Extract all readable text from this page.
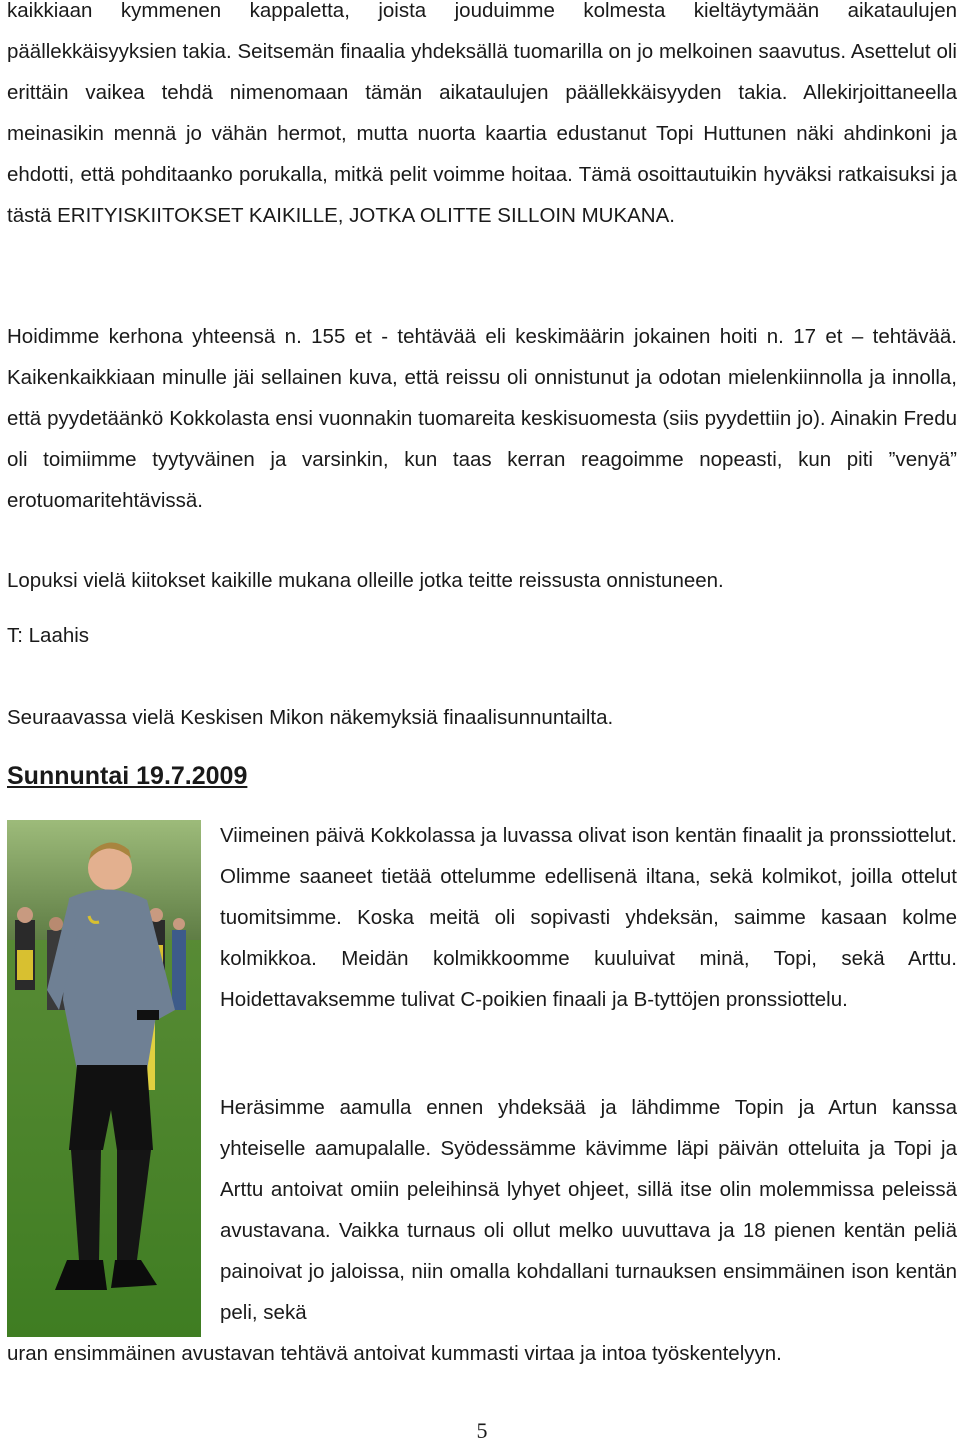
kaikkiaan kymmenen kappaletta, joista jouduimme kolmesta kieltäytymään aikataulujen päällekkäisyyksien takia. Seitsemän finaalia yhdeksällä tuomarilla on jo melkoinen saavutus. Asettelut oli erittäin vaikea tehdä nimenomaan tämän aikataulujen päällekkäisyyden takia. Allekirjoittaneella meinasikin mennä jo vähän hermot, mutta nuorta kaartia edustanut Topi Huttunen näki ahdinkoni ja ehdotti, että pohditaanko porukalla, mitkä pelit voimme hoitaa. Tämä osoittautuikin hyväksi ratkaisuksi ja tästä ERITYISKIITOKSET KAIKILLE, JOTKA OLITTE SILLOIN MUKANA.

Hoidimme kerhona yhteensä n. 155 et - tehtävää eli keskimäärin jokainen hoiti n. 17 et – tehtävää. Kaikenkaikkiaan minulle jäi sellainen kuva, että reissu oli onnistunut ja odotan mielenkiinnolla ja innolla, että pyydetäänkö Kokkolasta ensi vuonnakin tuomareita keskisuomesta (siis pyydettiin jo). Ainakin Fredu oli toimiimme tyytyväinen ja varsinkin, kun taas kerran reagoimme nopeasti, kun piti ”venyä” erotuomaritehtävissä.

Lopuksi vielä kiitokset kaikille mukana olleille jotka teitte reissusta onnistuneen.

T: Laahis

Seuraavassa vielä Keskisen Mikon näkemyksiä finaalisunnuntailta.

Sunnuntai 19.7.2009

Viimeinen päivä Kokkolassa ja luvassa olivat ison kentän finaalit ja pronssiottelut. Olimme saaneet tietää ottelumme edellisenä iltana, sekä kolmikot, joilla ottelut tuomitsimme. Koska meitä oli sopivasti yhdeksän, saimme kasaan kolme kolmikkoa. Meidän kolmikkoomme kuuluivat minä, Topi, sekä Arttu. Hoidettavaksemme tulivat C-poikien finaali ja B-tyttöjen pronssiottelu.

Heräsimme aamulla ennen yhdeksää ja lähdimme Topin ja Artun kanssa yhteiselle aamupalalle. Syödessämme kävimme läpi päivän otteluita ja Topi ja Arttu antoivat omiin peleihinsä lyhyet ohjeet, sillä itse olin molemmissa peleissä avustavana. Vaikka turnaus oli ollut melko uuvuttava ja 18 pienen kentän peliä painoivat jo jaloissa, niin omalla kohdallani turnauksen ensimmäinen ison kentän peli, sekä

uran ensimmäinen avustavan tehtävä antoivat kummasti virtaa ja intoa työskentelyyn.

5
